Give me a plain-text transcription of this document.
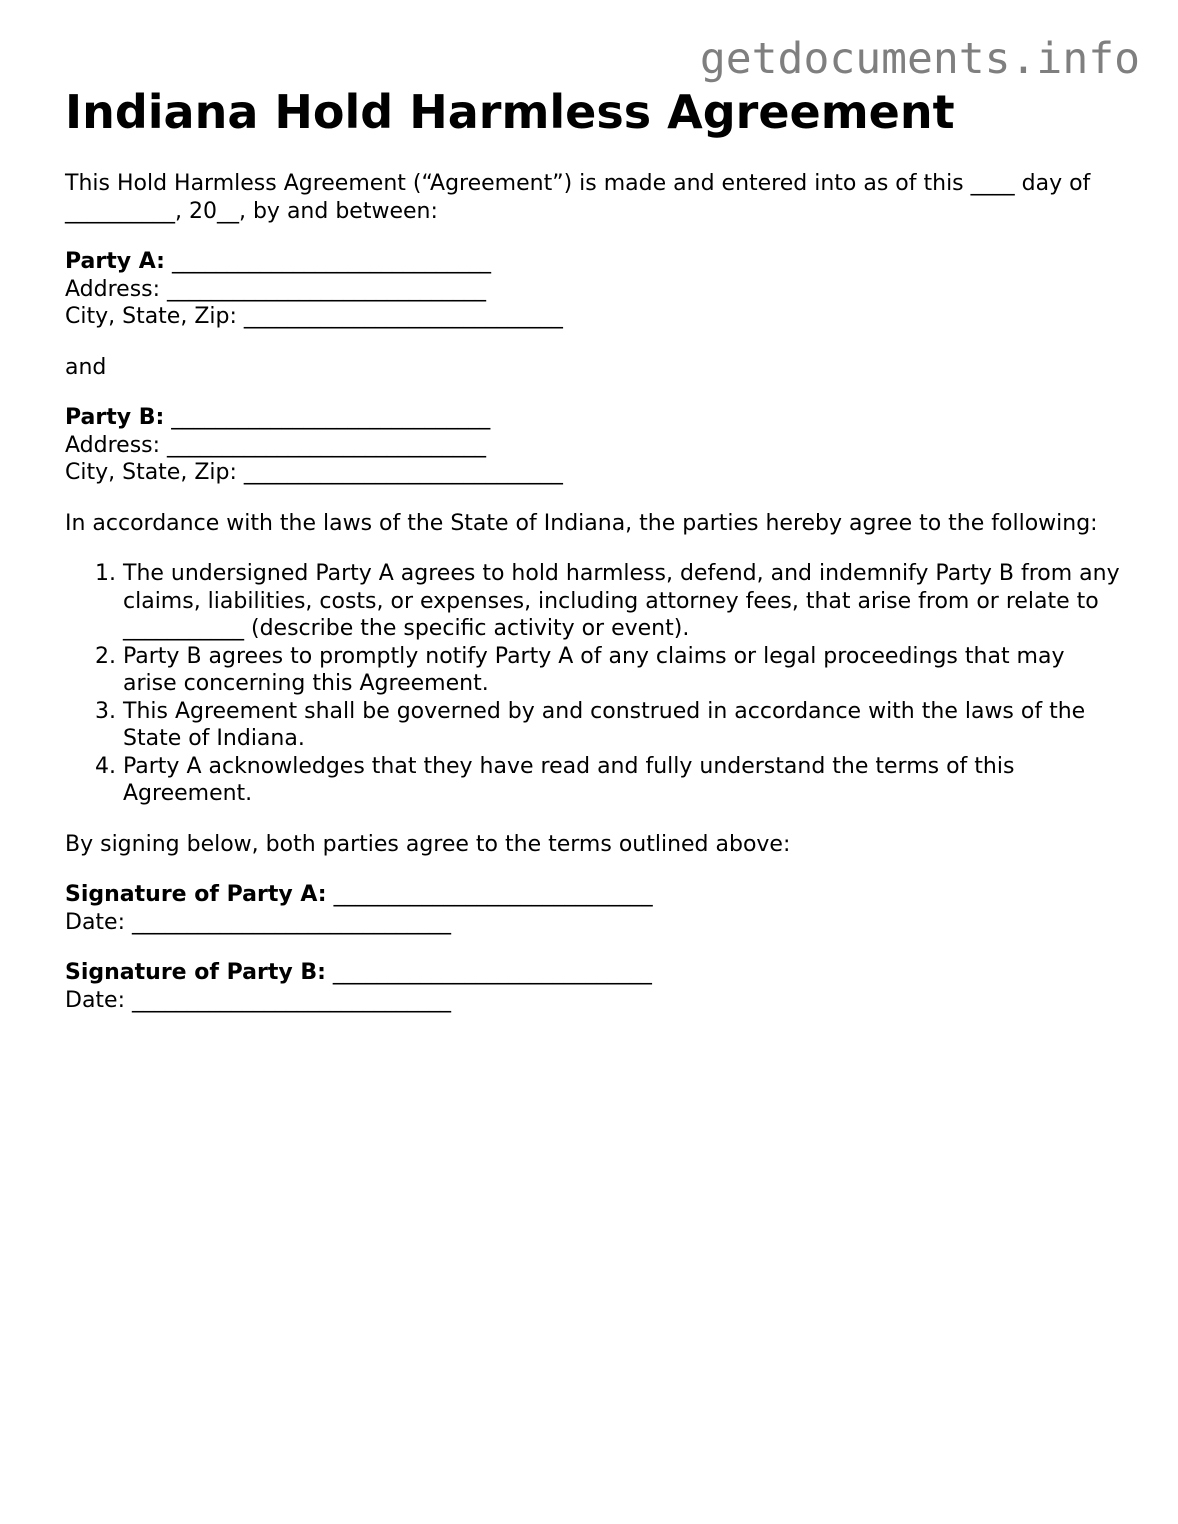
getdocuments.info
Indiana Hold Harmless Agreement

This Hold Harmless Agreement (“Agreement”) is made and entered into as of this ____ day of __________, 20__, by and between:

Party A: _____________________________

Address: _____________________________

City, State, Zip: _____________________________

and

Party B: _____________________________

Address: _____________________________

City, State, Zip: _____________________________

In accordance with the laws of the State of Indiana, the parties hereby agree to the following:

1. The undersigned Party A agrees to hold harmless, defend, and indemnify Party B from any claims, liabilities, costs, or expenses, including attorney fees, that arise from or relate to ___________ (describe the specific activity or event).
2. Party B agrees to promptly notify Party A of any claims or legal proceedings that may arise concerning this Agreement.
3. This Agreement shall be governed by and construed in accordance with the laws of the State of Indiana.
4. Party A acknowledges that they have read and fully understand the terms of this Agreement.

By signing below, both parties agree to the terms outlined above:

Signature of Party A: _____________________________

Date: _____________________________

Signature of Party B: _____________________________

Date: _____________________________
